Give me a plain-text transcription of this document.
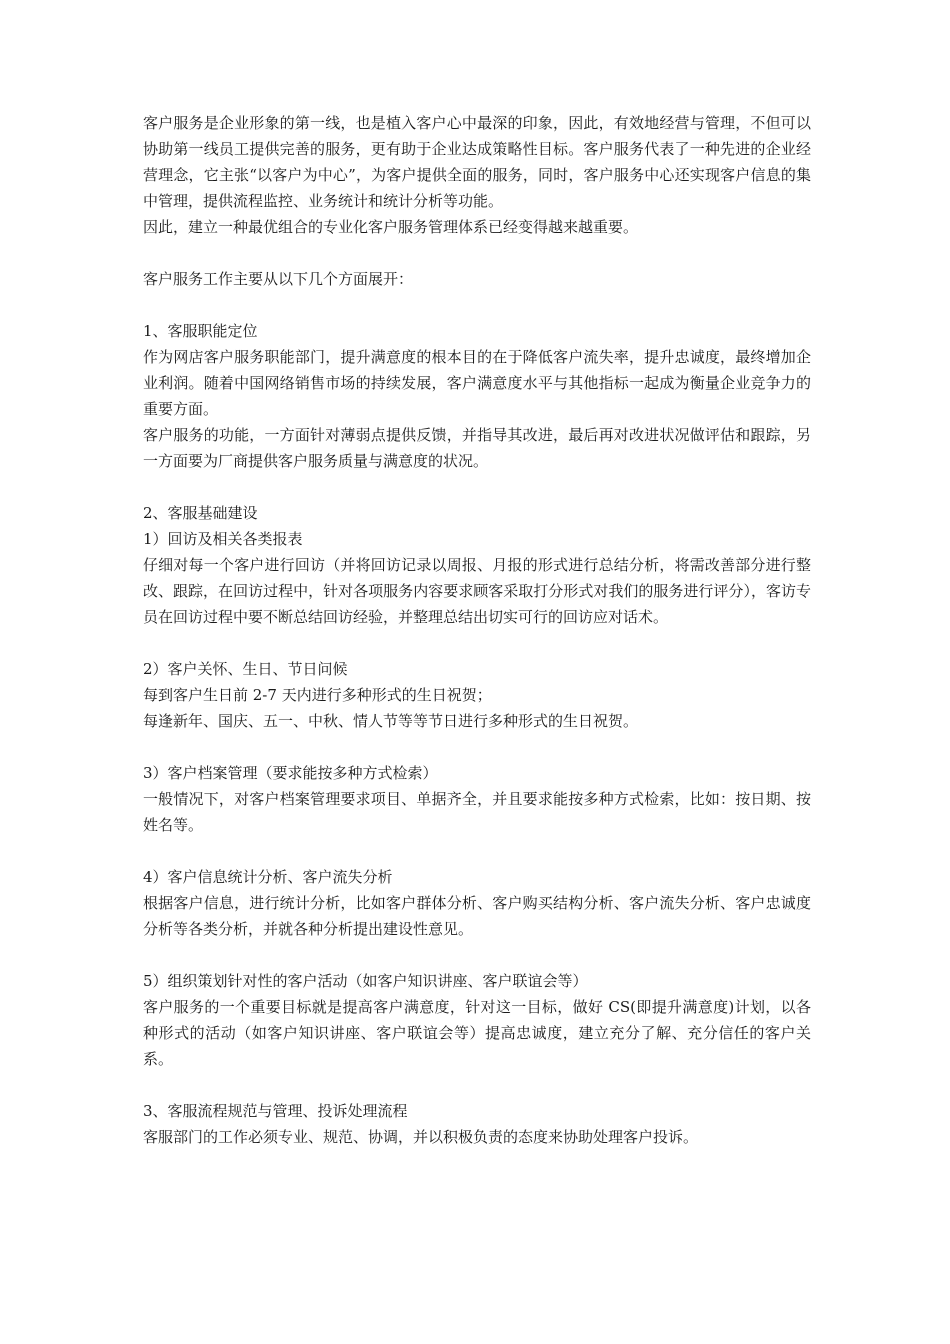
客户服务是企业形象的第一线，也是植入客户心中最深的印象，因此，有效地经营与管理，不但可以协助第一线员工提供完善的服务，更有助于企业达成策略性目标。客户服务代表了一种先进的企业经营理念，它主张“以客户为中心”，为客户提供全面的服务，同时，客户服务中心还实现客户信息的集中管理，提供流程监控、业务统计和统计分析等功能。

因此，建立一种最优组合的专业化客户服务管理体系已经变得越来越重要。

客户服务工作主要从以下几个方面展开：

1、客服职能定位

作为网店客户服务职能部门，提升满意度的根本目的在于降低客户流失率，提升忠诚度，最终增加企业利润。随着中国网络销售市场的持续发展，客户满意度水平与其他指标一起成为衡量企业竞争力的重要方面。

客户服务的功能，一方面针对薄弱点提供反馈，并指导其改进，最后再对改进状况做评估和跟踪，另一方面要为厂商提供客户服务质量与满意度的状况。

2、客服基础建设

1）回访及相关各类报表

仔细对每一个客户进行回访（并将回访记录以周报、月报的形式进行总结分析，将需改善部分进行整改、跟踪，在回访过程中，针对各项服务内容要求顾客采取打分形式对我们的服务进行评分），客访专员在回访过程中要不断总结回访经验，并整理总结出切实可行的回访应对话术。

2）客户关怀、生日、节日问候

每到客户生日前 2-7 天内进行多种形式的生日祝贺；

每逢新年、国庆、五一、中秋、情人节等等节日进行多种形式的生日祝贺。

3）客户档案管理（要求能按多种方式检索）

一般情况下，对客户档案管理要求项目、单据齐全，并且要求能按多种方式检索，比如：按日期、按姓名等。

4）客户信息统计分析、客户流失分析

根据客户信息，进行统计分析，比如客户群体分析、客户购买结构分析、客户流失分析、客户忠诚度分析等各类分析，并就各种分析提出建设性意见。

5）组织策划针对性的客户活动（如客户知识讲座、客户联谊会等）

客户服务的一个重要目标就是提高客户满意度，针对这一目标，做好 CS(即提升满意度)计划，以各种形式的活动（如客户知识讲座、客户联谊会等）提高忠诚度，建立充分了解、充分信任的客户关系。

3、客服流程规范与管理、投诉处理流程

客服部门的工作必须专业、规范、协调，并以积极负责的态度来协助处理客户投诉。
